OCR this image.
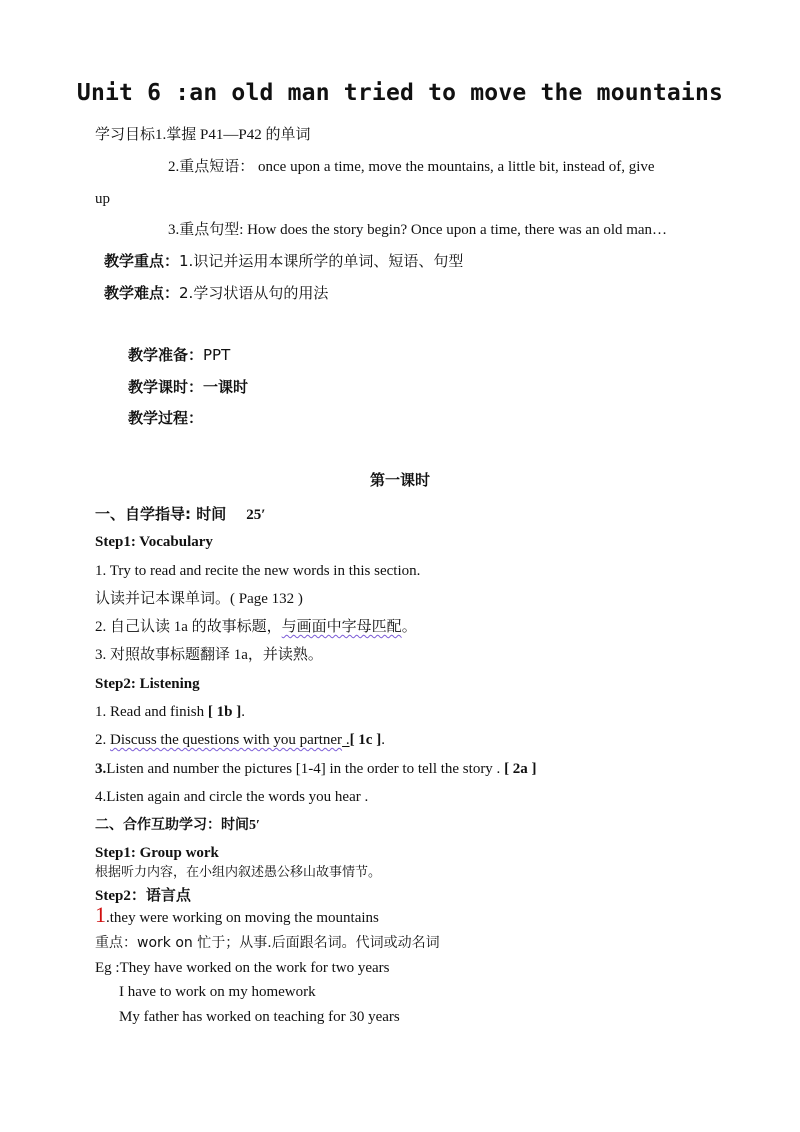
Unit 6 :an old man tried to move the mountains
学习目标1.掌握 P41—P42 的单词
2.重点短语： once upon a time, move the mountains, a little bit, instead of, give
up
3.重点句型: How does the story begin? Once upon a time, there was an old man…
教学重点：1.识记并运用本课所学的单词、短语、句型
教学难点：2.学习状语从句的用法
教学准备：PPT
教学课时：一课时
教学过程：
第一课时
一、自学指导: 时间 25′
Step1: Vocabulary
1. Try to read and recite the new words in this section.
认读并记本课单词。( Page 132 )
2. 自己认读 1a 的故事标题，与画面中字母匹配。
3. 对照故事标题翻译 1a，并读熟。
Step2: Listening
1. Read and finish [ 1b ].
2. Discuss the questions with you partner .[ 1c ].
3.Listen and number the pictures [1-4] in the order to tell the story . [ 2a ]
4.Listen again and circle the words you hear .
二、合作互助学习：时间5′
Step1: Group work
根据听力内容，在小组内叙述愚公移山故事情节。
Step2：语言点
1.they were working on moving the mountains
重点：work on 忙于；从事.后面跟名词。代词或动名词
Eg :They have worked on the work for two years
I have to work on my homework
My father has worked on teaching for 30 years
